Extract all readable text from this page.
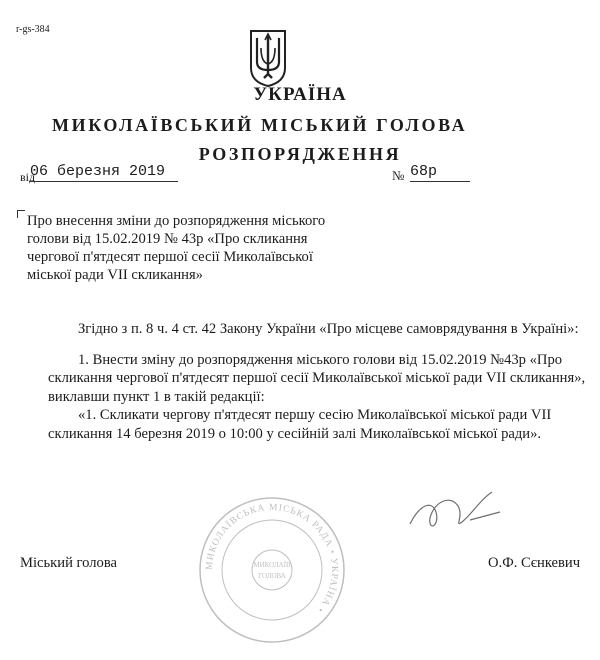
r-gs-384
УКРАЇНА
МИКОЛАЇВСЬКИЙ МІСЬКИЙ ГОЛОВА
РОЗПОРЯДЖЕННЯ
від
06 березня 2019	№ 68р
Про внесення зміни до розпорядження міського голови від 15.02.2019 № 43р «Про скликання чергової п'ятдесят першої сесії Миколаївської міської ради VII скликання»

Згідно з п. 8 ч. 4 ст. 42 Закону України «Про місцеве самоврядування в Україні»:

1. Внести зміну до розпорядження міського голови від 15.02.2019 №43р «Про скликання чергової п'ятдесят першої сесії Миколаївської міської ради VII скликання», виклавши пункт 1 в такій редакції:

«1. Скликати чергову п'ятдесят першу сесію Миколаївської міської ради VII скликання 14 березня 2019 о 10:00 у сесійній залі Миколаївської міської ради».

МИКОЛАЇВСЬКА МІСЬКА РАДА • УКРАЇНА •
МИКОЛАЇВ
ГОЛОВА
Міський голова	О.Ф. Сєнкевич
